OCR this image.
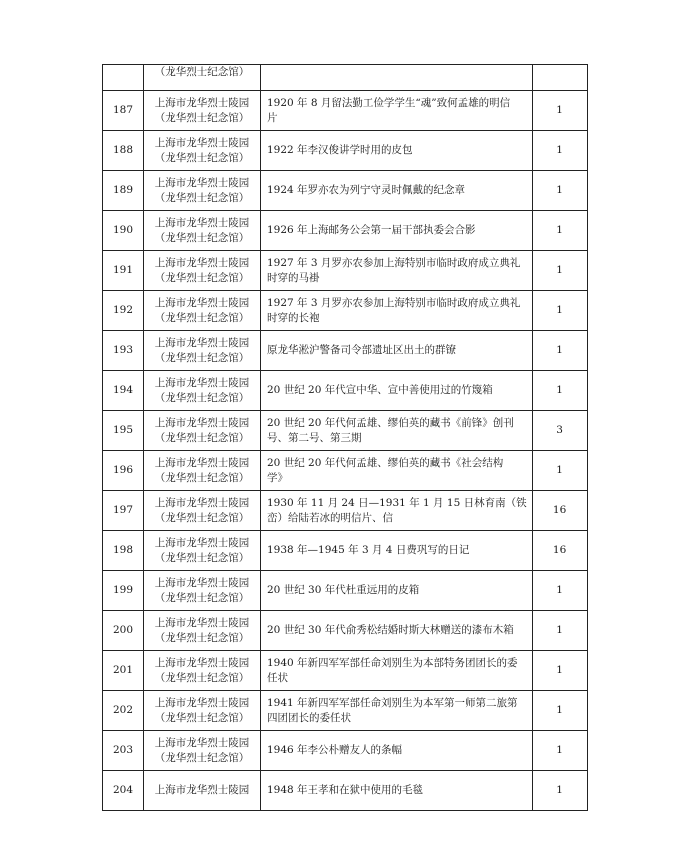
	（龙华烈士纪念馆）		

187	上海市龙华烈士陵园
（龙华烈士纪念馆）	1920 年 8 月留法勤工俭学学生“魂”致何孟雄的明信
片	1

188	上海市龙华烈士陵园
（龙华烈士纪念馆）	1922 年李汉俊讲学时用的皮包	1

189	上海市龙华烈士陵园
（龙华烈士纪念馆）	1924 年罗亦农为列宁守灵时佩戴的纪念章	1

190	上海市龙华烈士陵园
（龙华烈士纪念馆）	1926 年上海邮务公会第一届干部执委会合影	1

191	上海市龙华烈士陵园
（龙华烈士纪念馆）	1927 年 3 月罗亦农参加上海特别市临时政府成立典礼
时穿的马褂	1

192	上海市龙华烈士陵园
（龙华烈士纪念馆）	1927 年 3 月罗亦农参加上海特别市临时政府成立典礼
时穿的长袍	1

193	上海市龙华烈士陵园
（龙华烈士纪念馆）	原龙华淞沪警备司令部遗址区出土的群镣	1

194	上海市龙华烈士陵园
（龙华烈士纪念馆）	20 世纪 20 年代宣中华、宣中善使用过的竹篾箱	1

195	上海市龙华烈士陵园
（龙华烈士纪念馆）	20 世纪 20 年代何孟雄、缪伯英的藏书《前锋》创刊
号、第二号、第三期	3

196	上海市龙华烈士陵园
（龙华烈士纪念馆）	20 世纪 20 年代何孟雄、缪伯英的藏书《社会结构
学》	1

197	上海市龙华烈士陵园
（龙华烈士纪念馆）	1930 年 11 月 24 日—1931 年 1 月 15 日林育南（铁
峦）给陆若冰的明信片、信	16

198	上海市龙华烈士陵园
（龙华烈士纪念馆）	1938 年—1945 年 3 月 4 日费巩写的日记	16

199	上海市龙华烈士陵园
（龙华烈士纪念馆）	20 世纪 30 年代杜重远用的皮箱	1

200	上海市龙华烈士陵园
（龙华烈士纪念馆）	20 世纪 30 年代俞秀松结婚时斯大林赠送的漆布木箱	1

201	上海市龙华烈士陵园
（龙华烈士纪念馆）	1940 年新四军军部任命刘别生为本部特务团团长的委
任状	1

202	上海市龙华烈士陵园
（龙华烈士纪念馆）	1941 年新四军军部任命刘别生为本军第一师第二旅第
四团团长的委任状	1

203	上海市龙华烈士陵园
（龙华烈士纪念馆）	1946 年李公朴赠友人的条幅	1

204	上海市龙华烈士陵园	1948 年王孝和在狱中使用的毛毯	1
